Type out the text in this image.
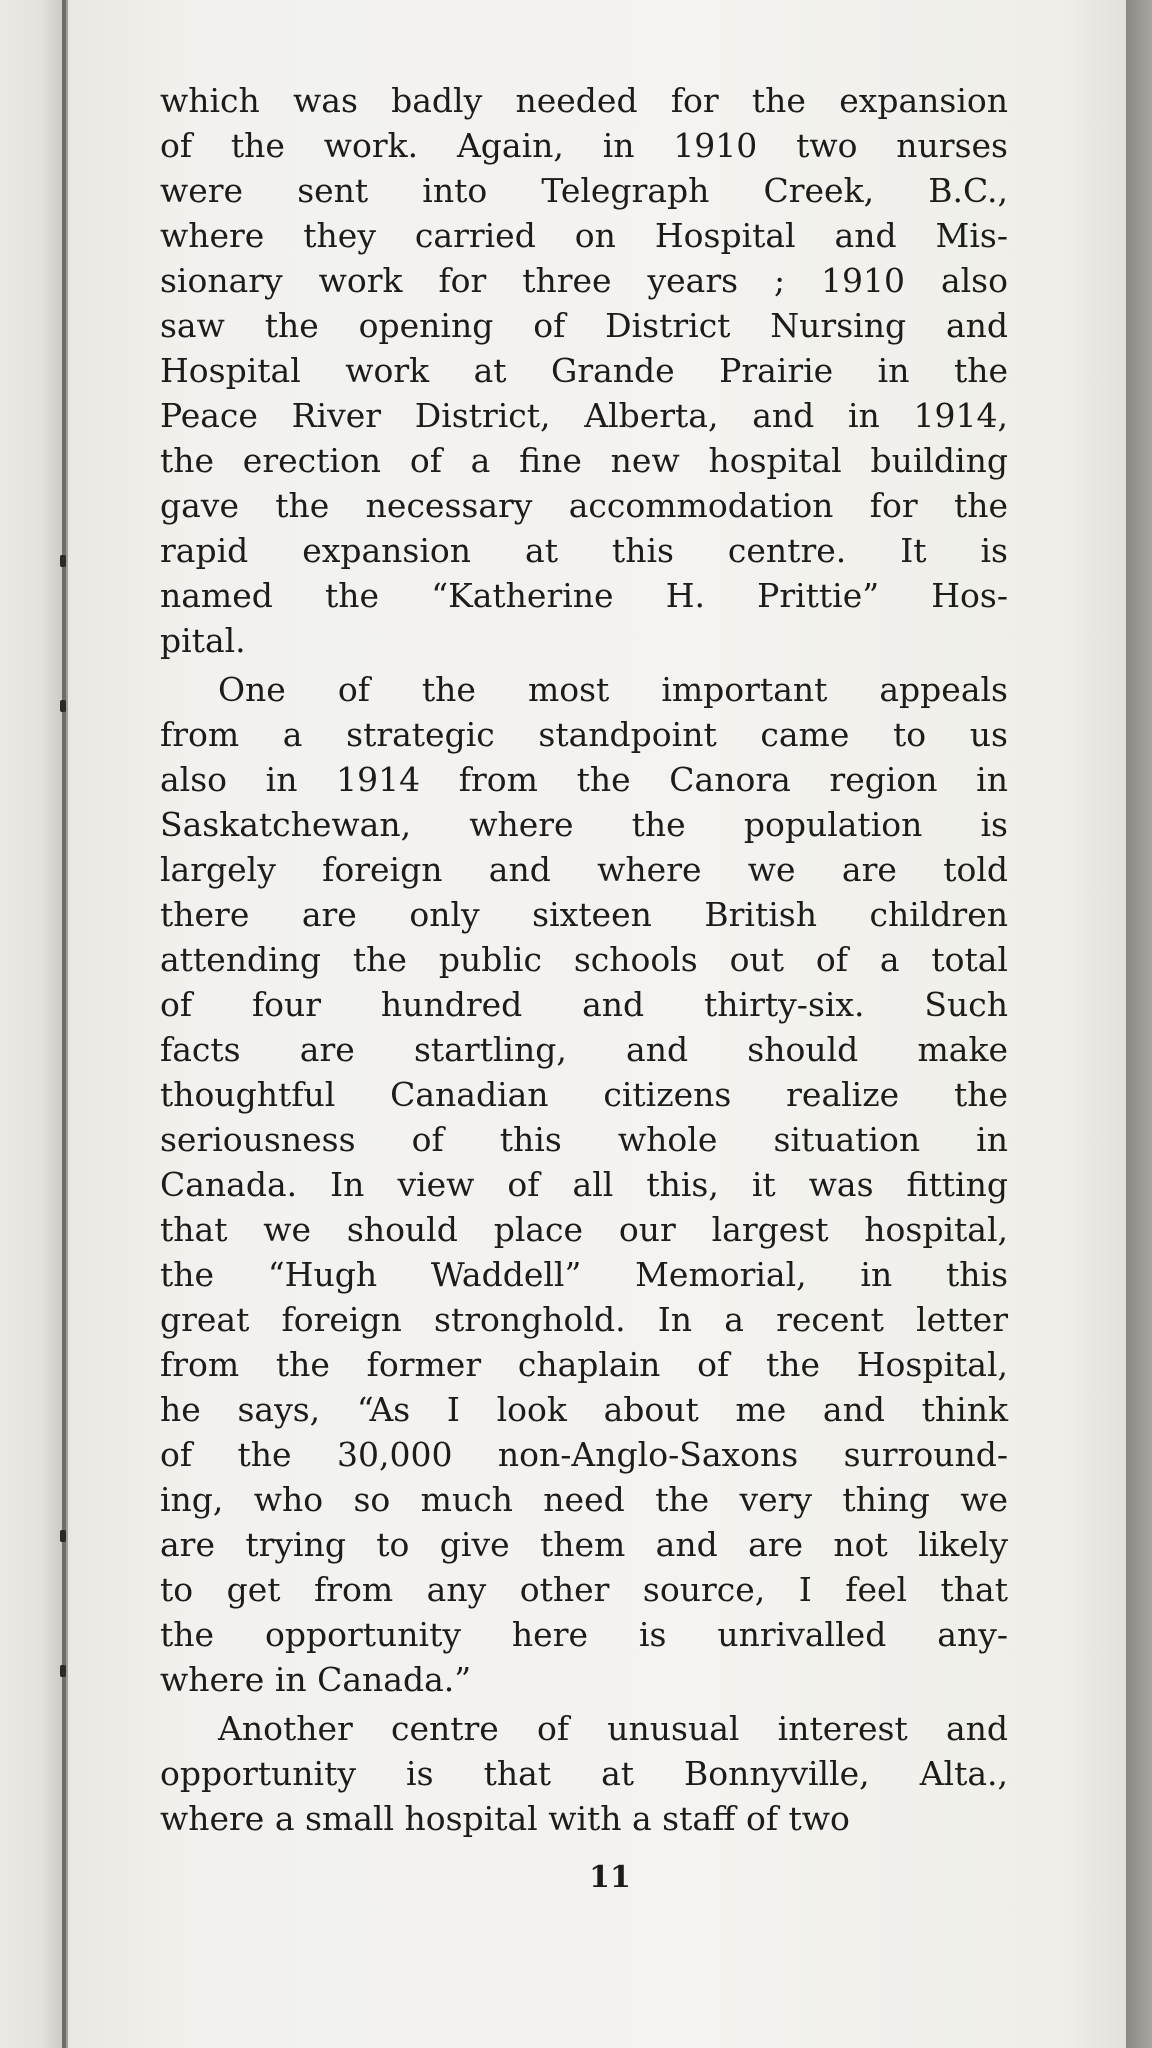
which was badly needed for the expansion
of the work. Again, in 1910 two nurses
were sent into Telegraph Creek, B.C.,
where they carried on Hospital and Mis-
sionary work for three years ; 1910 also
saw the opening of District Nursing and
Hospital work at Grande Prairie in the
Peace River District, Alberta, and in 1914,
the erection of a fine new hospital building
gave the necessary accommodation for the
rapid expansion at this centre. It is
named the “Katherine H. Prittie” Hos-
pital.
One of the most important appeals
from a strategic standpoint came to us
also in 1914 from the Canora region in
Saskatchewan, where the population is
largely foreign and where we are told
there are only sixteen British children
attending the public schools out of a total
of four hundred and thirty-six. Such
facts are startling, and should make
thoughtful Canadian citizens realize the
seriousness of this whole situation in
Canada. In view of all this, it was fitting
that we should place our largest hospital,
the “Hugh Waddell” Memorial, in this
great foreign stronghold. In a recent letter
from the former chaplain of the Hospital,
he says, “As I look about me and think
of the 30,000 non-Anglo-Saxons surround-
ing, who so much need the very thing we
are trying to give them and are not likely
to get from any other source, I feel that
the opportunity here is unrivalled any-
where in Canada.”
Another centre of unusual interest and
opportunity is that at Bonnyville, Alta.,
where a small hospital with a staff of two
11
